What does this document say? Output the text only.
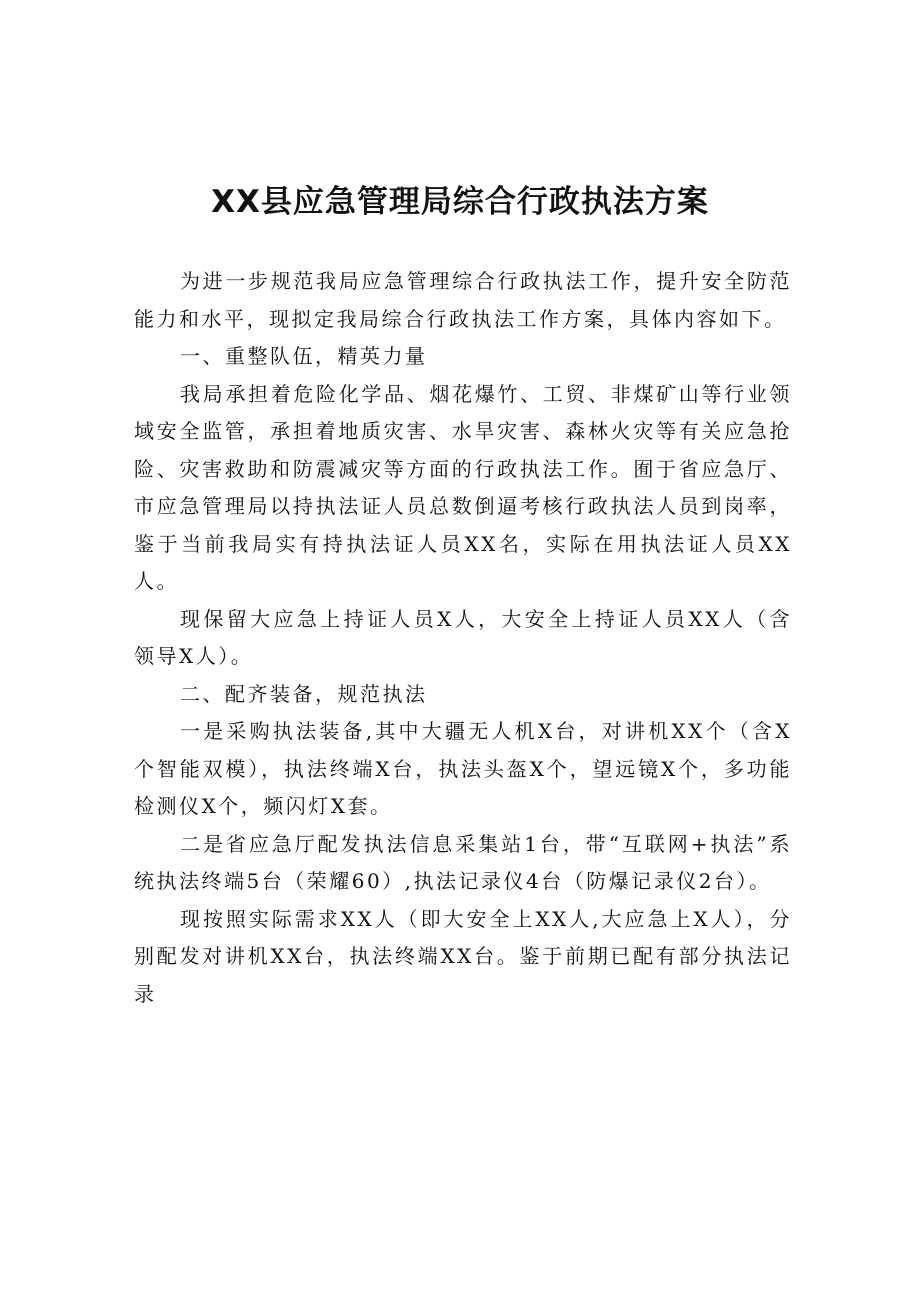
XX县应急管理局综合行政执法方案

为进一步规范我局应急管理综合行政执法工作，提升安全防范能力和水平，现拟定我局综合行政执法工作方案，具体内容如下。

一、重整队伍，精英力量

我局承担着危险化学品、烟花爆竹、工贸、非煤矿山等行业领域安全监管，承担着地质灾害、水旱灾害、森林火灾等有关应急抢险、灾害救助和防震减灾等方面的行政执法工作。囿于省应急厅、市应急管理局以持执法证人员总数倒逼考核行政执法人员到岗率，鉴于当前我局实有持执法证人员XX名，实际在用执法证人员XX人。

现保留大应急上持证人员X人，大安全上持证人员XX人（含领导X人）。

二、配齐装备，规范执法

一是采购执法装备,其中大疆无人机X台，对讲机XX个（含X个智能双模），执法终端X台，执法头盔X个，望远镜X个，多功能检测仪X个，频闪灯X套。

二是省应急厅配发执法信息采集站1台，带“互联网+执法”系统执法终端5台（荣耀60）,执法记录仪4台（防爆记录仪2台）。

现按照实际需求XX人（即大安全上XX人,大应急上X人），分别配发对讲机XX台，执法终端XX台。鉴于前期已配有部分执法记录
